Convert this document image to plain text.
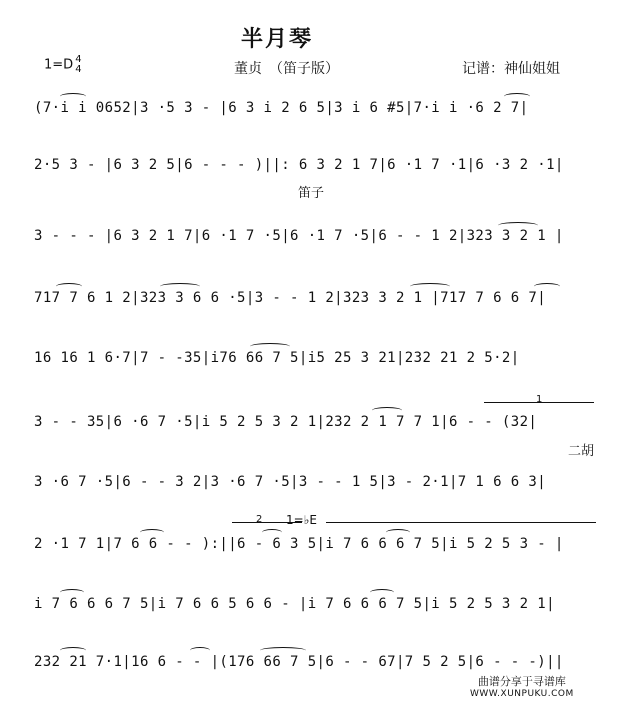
半月琴
1=D 4
4	董贞　（笛子版）	记谱：神仙姐姐
(7·i i 0652|3 ·5 3 - |6 3 i 2 6 5|3 i 6 #5|7·i i ·6 2 7|
2·5 3 - |6 3 2 5|6 - - - )||: 6 3 2 1 7|6 ·1 7 ·1|6 ·3 2 ·1|
笛子
3 - - - |6 3 2 1 7|6 ·1 7 ·5|6 ·1 7 ·5|6 - - 1 2|323 3 2 1 |
717 7 6 1 2|323 3 6 6 ·5|3 - - 1 2|323 3 2 1 |717 7 6 6 7|
16 16 1 6·7|7 - -35|i76 66 7 5|i5 25 3 21|232 21 2 5·2|
1
3 - - 35|6 ·6 7 ·5|i 5 2 5 3 2 1|232 2 1 7 7 1|6 - - (32|
二胡
3 ·6 7 ·5|6 - - 3 2|3 ·6 7 ·5|3 - - 1 5|3 - 2·1|7 1 6 6 3|
2 1=♭E
2 ·1 7 1|7 6 6 - - ):||6 - 6 3 5|i 7 6 6 6 7 5|i 5 2 5 3 - |
i 7 6 6 6 7 5|i 7 6 6 5 6 6 - |i 7 6 6 6 7 5|i 5 2 5 3 2 1|
232 21 7·1|16 6 - - |(176 66 7 5|6 - - 67|7 5 2 5|6 - - -)||
曲谱分享于寻谱库
WWW.XUNPUKU.COM
